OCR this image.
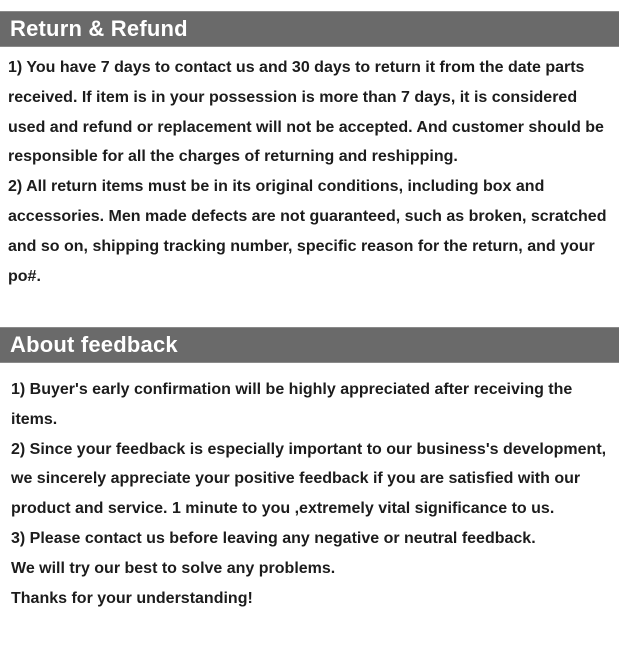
Return & Refund

1) You have 7 days to contact us and 30 days to return it from the date parts received. If item is in your possession is more than 7 days, it is considered used and refund or replacement will not be accepted. And customer should be responsible for all the charges of returning and reshipping.

2) All return items must be in its original conditions, including box and accessories. Men made defects are not guaranteed, such as broken, scratched and so on, shipping tracking number, specific reason for the return, and your po#.

About feedback

1) Buyer's early confirmation will be highly appreciated after receiving the items.

2) Since your feedback is especially important to our business's development, we sincerely appreciate your positive feedback if you are satisfied with our product and service. 1 minute to you ,extremely vital significance to us.

3) Please contact us before leaving any negative or neutral feedback.

We will try our best to solve any problems.

Thanks for your understanding!
